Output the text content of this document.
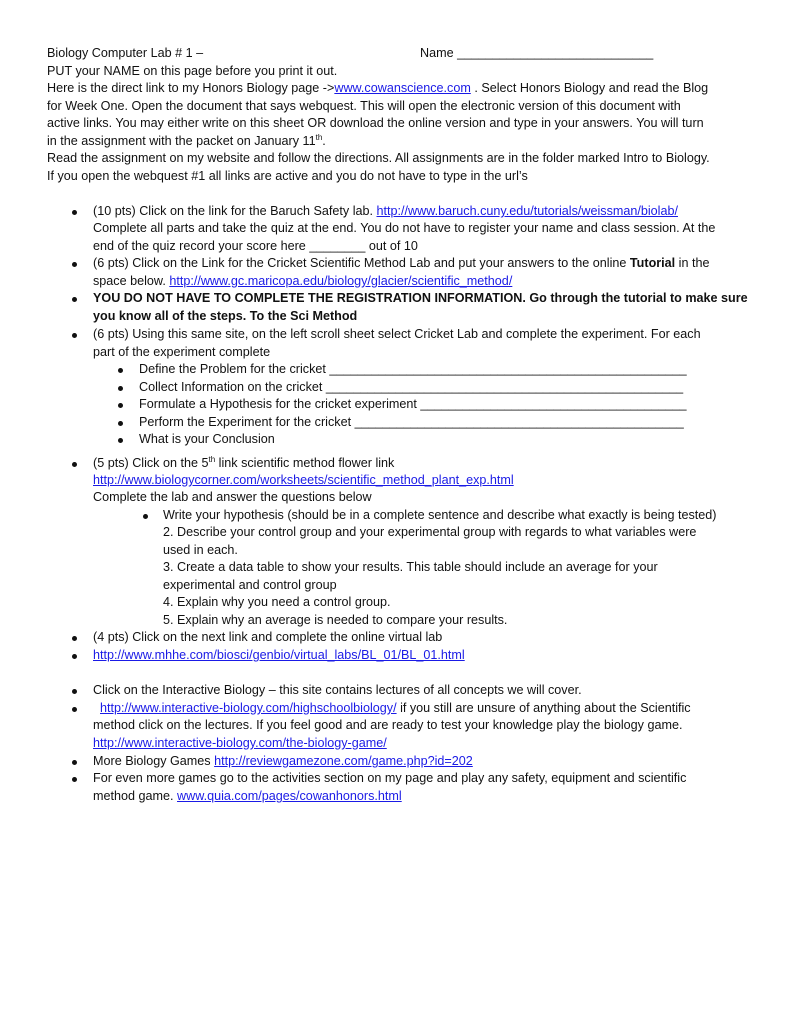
Biology Computer Lab # 1 –	Name ____________________________
PUT your NAME on this page before you print it out.
Here is the direct link to my Honors Biology page ->www.cowanscience.com . Select Honors Biology and read the Blog
for Week One. Open the document that says webquest. This will open the electronic version of this document with
active links. You may either write on this sheet OR download the online version and type in your answers. You will turn
in the assignment with the packet on January 11th.
Read the assignment on my website and follow the directions. All assignments are in the folder marked Intro to Biology.
If you open the webquest #1 all links are active and you do not have to type in the url’s
(10 pts) Click on the link for the Baruch Safety lab. http://www.baruch.cuny.edu/tutorials/weissman/biolab/
Complete all parts and take the quiz at the end. You do not have to register your name and class session. At the
end of the quiz record your score here ________ out of 10
(6 pts) Click on the Link for the Cricket Scientific Method Lab and put your answers to the online Tutorial in the
space below. http://www.gc.maricopa.edu/biology/glacier/scientific_method/
YOU DO NOT HAVE TO COMPLETE THE REGISTRATION INFORMATION. Go through the tutorial to make sure
you know all of the steps. To the Sci Method
(6 pts) Using this same site, on the left scroll sheet select Cricket Lab and complete the experiment. For each
part of the experiment complete
Define the Problem for the cricket ___________________________________________________
Collect Information on the cricket ___________________________________________________
Formulate a Hypothesis for the cricket experiment ______________________________________
Perform the Experiment for the cricket _______________________________________________
What is your Conclusion
(5 pts) Click on the 5th link scientific method flower link
http://www.biologycorner.com/worksheets/scientific_method_plant_exp.html
Complete the lab and answer the questions below
Write your hypothesis (should be in a complete sentence and describe what exactly is being tested)
2. Describe your control group and your experimental group with regards to what variables were
used in each.
3. Create a data table to show your results. This table should include an average for your
experimental and control group
4. Explain why you need a control group.
5. Explain why an average is needed to compare your results.
(4 pts) Click on the next link and complete the online virtual lab
http://www.mhhe.com/biosci/genbio/virtual_labs/BL_01/BL_01.html
Click on the Interactive Biology – this site contains lectures of all concepts we will cover.
http://www.interactive-biology.com/highschoolbiology/ if you still are unsure of anything about the Scientific
method click on the lectures. If you feel good and are ready to test your knowledge play the biology game.
http://www.interactive-biology.com/the-biology-game/
More Biology Games http://reviewgamezone.com/game.php?id=202
For even more games go to the activities section on my page and play any safety, equipment and scientific
method game. www.quia.com/pages/cowanhonors.html
